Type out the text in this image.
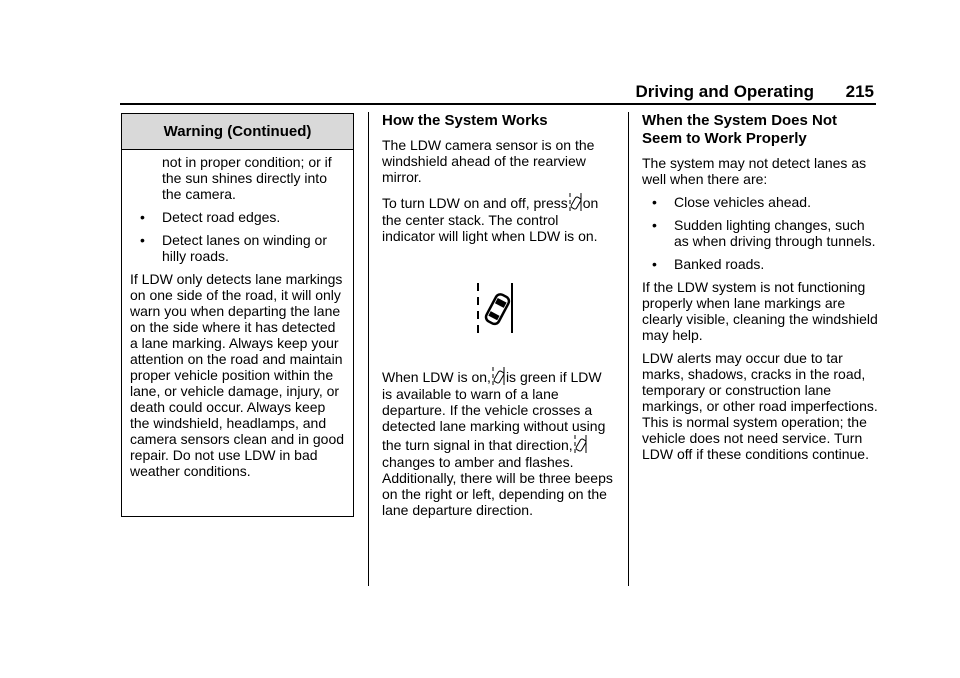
Driving and Operating 215
Warning (Continued)

not in proper condition; or if the sun shines directly into the camera.

• Detect road edges.
• Detect lanes on winding or hilly roads.

If LDW only detects lane markings on one side of the road, it will only warn you when departing the lane on the side where it has detected a lane marking. Always keep your attention on the road and maintain proper vehicle position within the lane, or vehicle damage, injury, or death could occur. Always keep the windshield, headlamps, and camera sensors clean and in good repair. Do not use LDW in bad weather conditions.

How the System Works

The LDW camera sensor is on the windshield ahead of the rearview mirror.

To turn LDW on and off, press on the center stack. The control indicator will light when LDW is on.

When LDW is on, is green if LDW is available to warn of a lane departure. If the vehicle crosses a detected lane marking without using the turn signal in that direction,changes to amber and flashes. Additionally, there will be three beeps on the right or left, depending on the lane departure direction.

When the System Does Not Seem to Work Properly

The system may not detect lanes as well when there are:

• Close vehicles ahead.
• Sudden lighting changes, such as when driving through tunnels.
• Banked roads.

If the LDW system is not functioning properly when lane markings are clearly visible, cleaning the windshield may help.

LDW alerts may occur due to tar marks, shadows, cracks in the road, temporary or construction lane markings, or other road imperfections. This is normal system operation; the vehicle does not need service. Turn LDW off if these conditions continue.
